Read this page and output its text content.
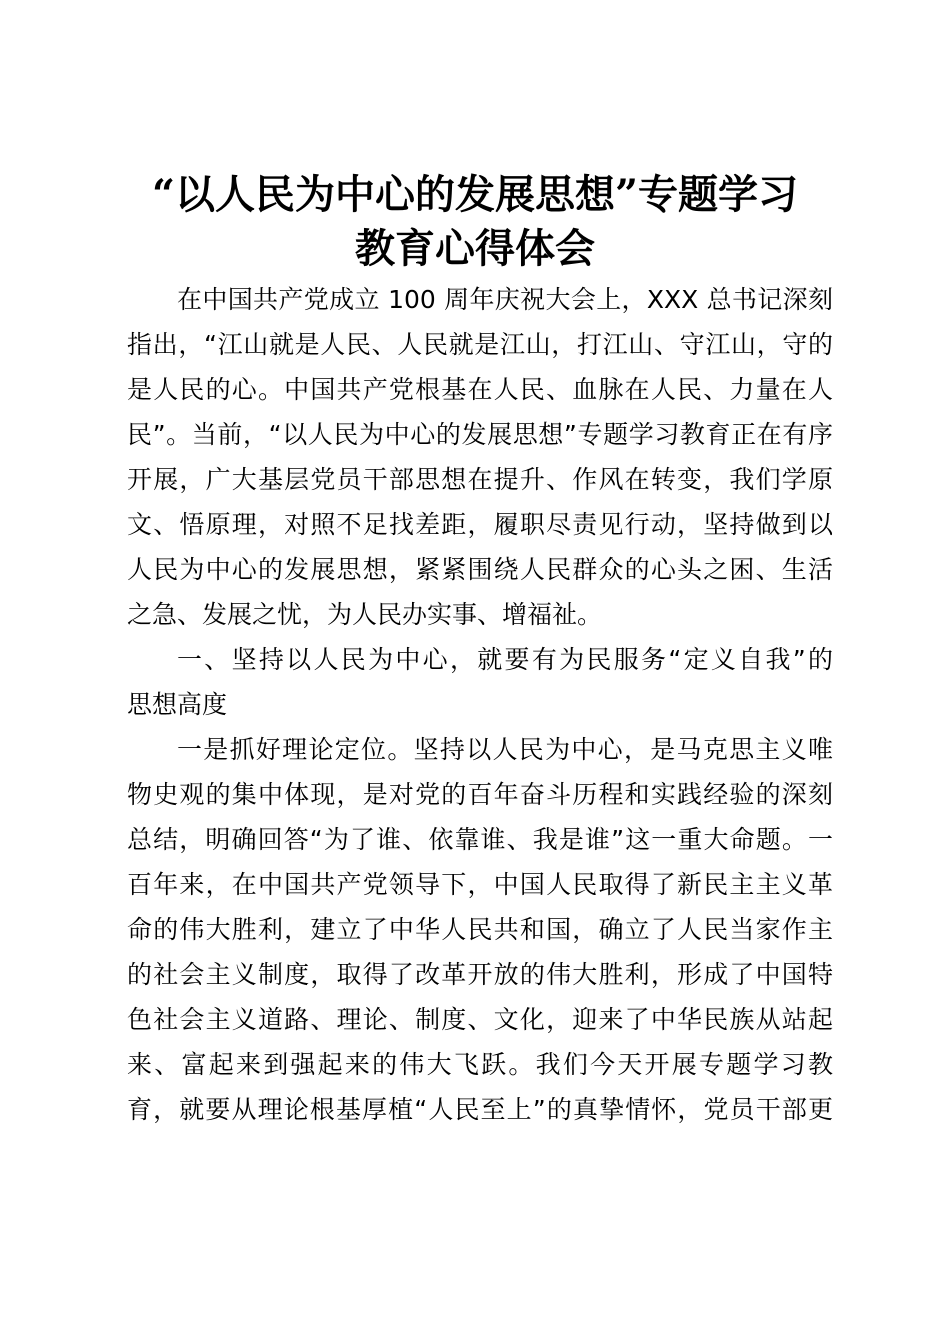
“以人民为中心的发展思想”专题学习
教育心得体会
在中国共产党成立 100 周年庆祝大会上，XXX 总书记深刻
指出，“江山就是人民、人民就是江山，打江山、守江山，守的
是人民的心。中国共产党根基在人民、血脉在人民、力量在人
民”。当前，“以人民为中心的发展思想”专题学习教育正在有序
开展，广大基层党员干部思想在提升、作风在转变，我们学原
文、悟原理，对照不足找差距，履职尽责见行动，坚持做到以
人民为中心的发展思想，紧紧围绕人民群众的心头之困、生活
之急、发展之忧，为人民办实事、增福祉。
一、坚持以人民为中心，就要有为民服务“定义自我”的
思想高度
一是抓好理论定位。坚持以人民为中心，是马克思主义唯
物史观的集中体现，是对党的百年奋斗历程和实践经验的深刻
总结，明确回答“为了谁、依靠谁、我是谁”这一重大命题。一
百年来，在中国共产党领导下，中国人民取得了新民主主义革
命的伟大胜利，建立了中华人民共和国，确立了人民当家作主
的社会主义制度，取得了改革开放的伟大胜利，形成了中国特
色社会主义道路、理论、制度、文化，迎来了中华民族从站起
来、富起来到强起来的伟大飞跃。我们今天开展专题学习教
育，就要从理论根基厚植“人民至上”的真挚情怀，党员干部更
